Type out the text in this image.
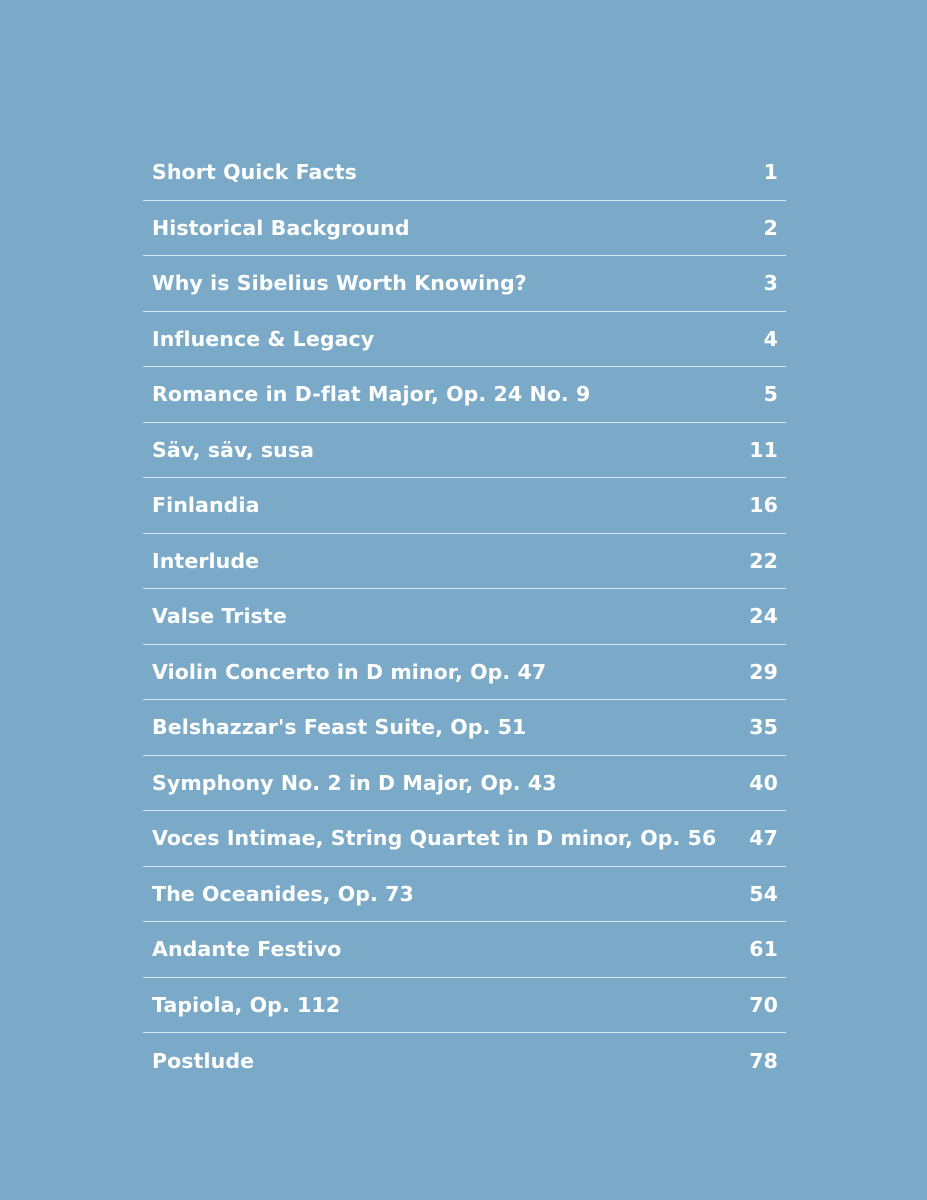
Short Quick Facts	1
Historical Background	2
Why is Sibelius Worth Knowing?	3
Influence & Legacy	4
Romance in D-flat Major, Op. 24 No. 9	5
Säv, säv, susa	11
Finlandia	16
Interlude	22
Valse Triste	24
Violin Concerto in D minor, Op. 47	29
Belshazzar's Feast Suite, Op. 51	35
Symphony No. 2 in D Major, Op. 43	40
Voces Intimae, String Quartet in D minor, Op. 56	47
The Oceanides, Op. 73	54
Andante Festivo	61
Tapiola, Op. 112	70
Postlude	78
